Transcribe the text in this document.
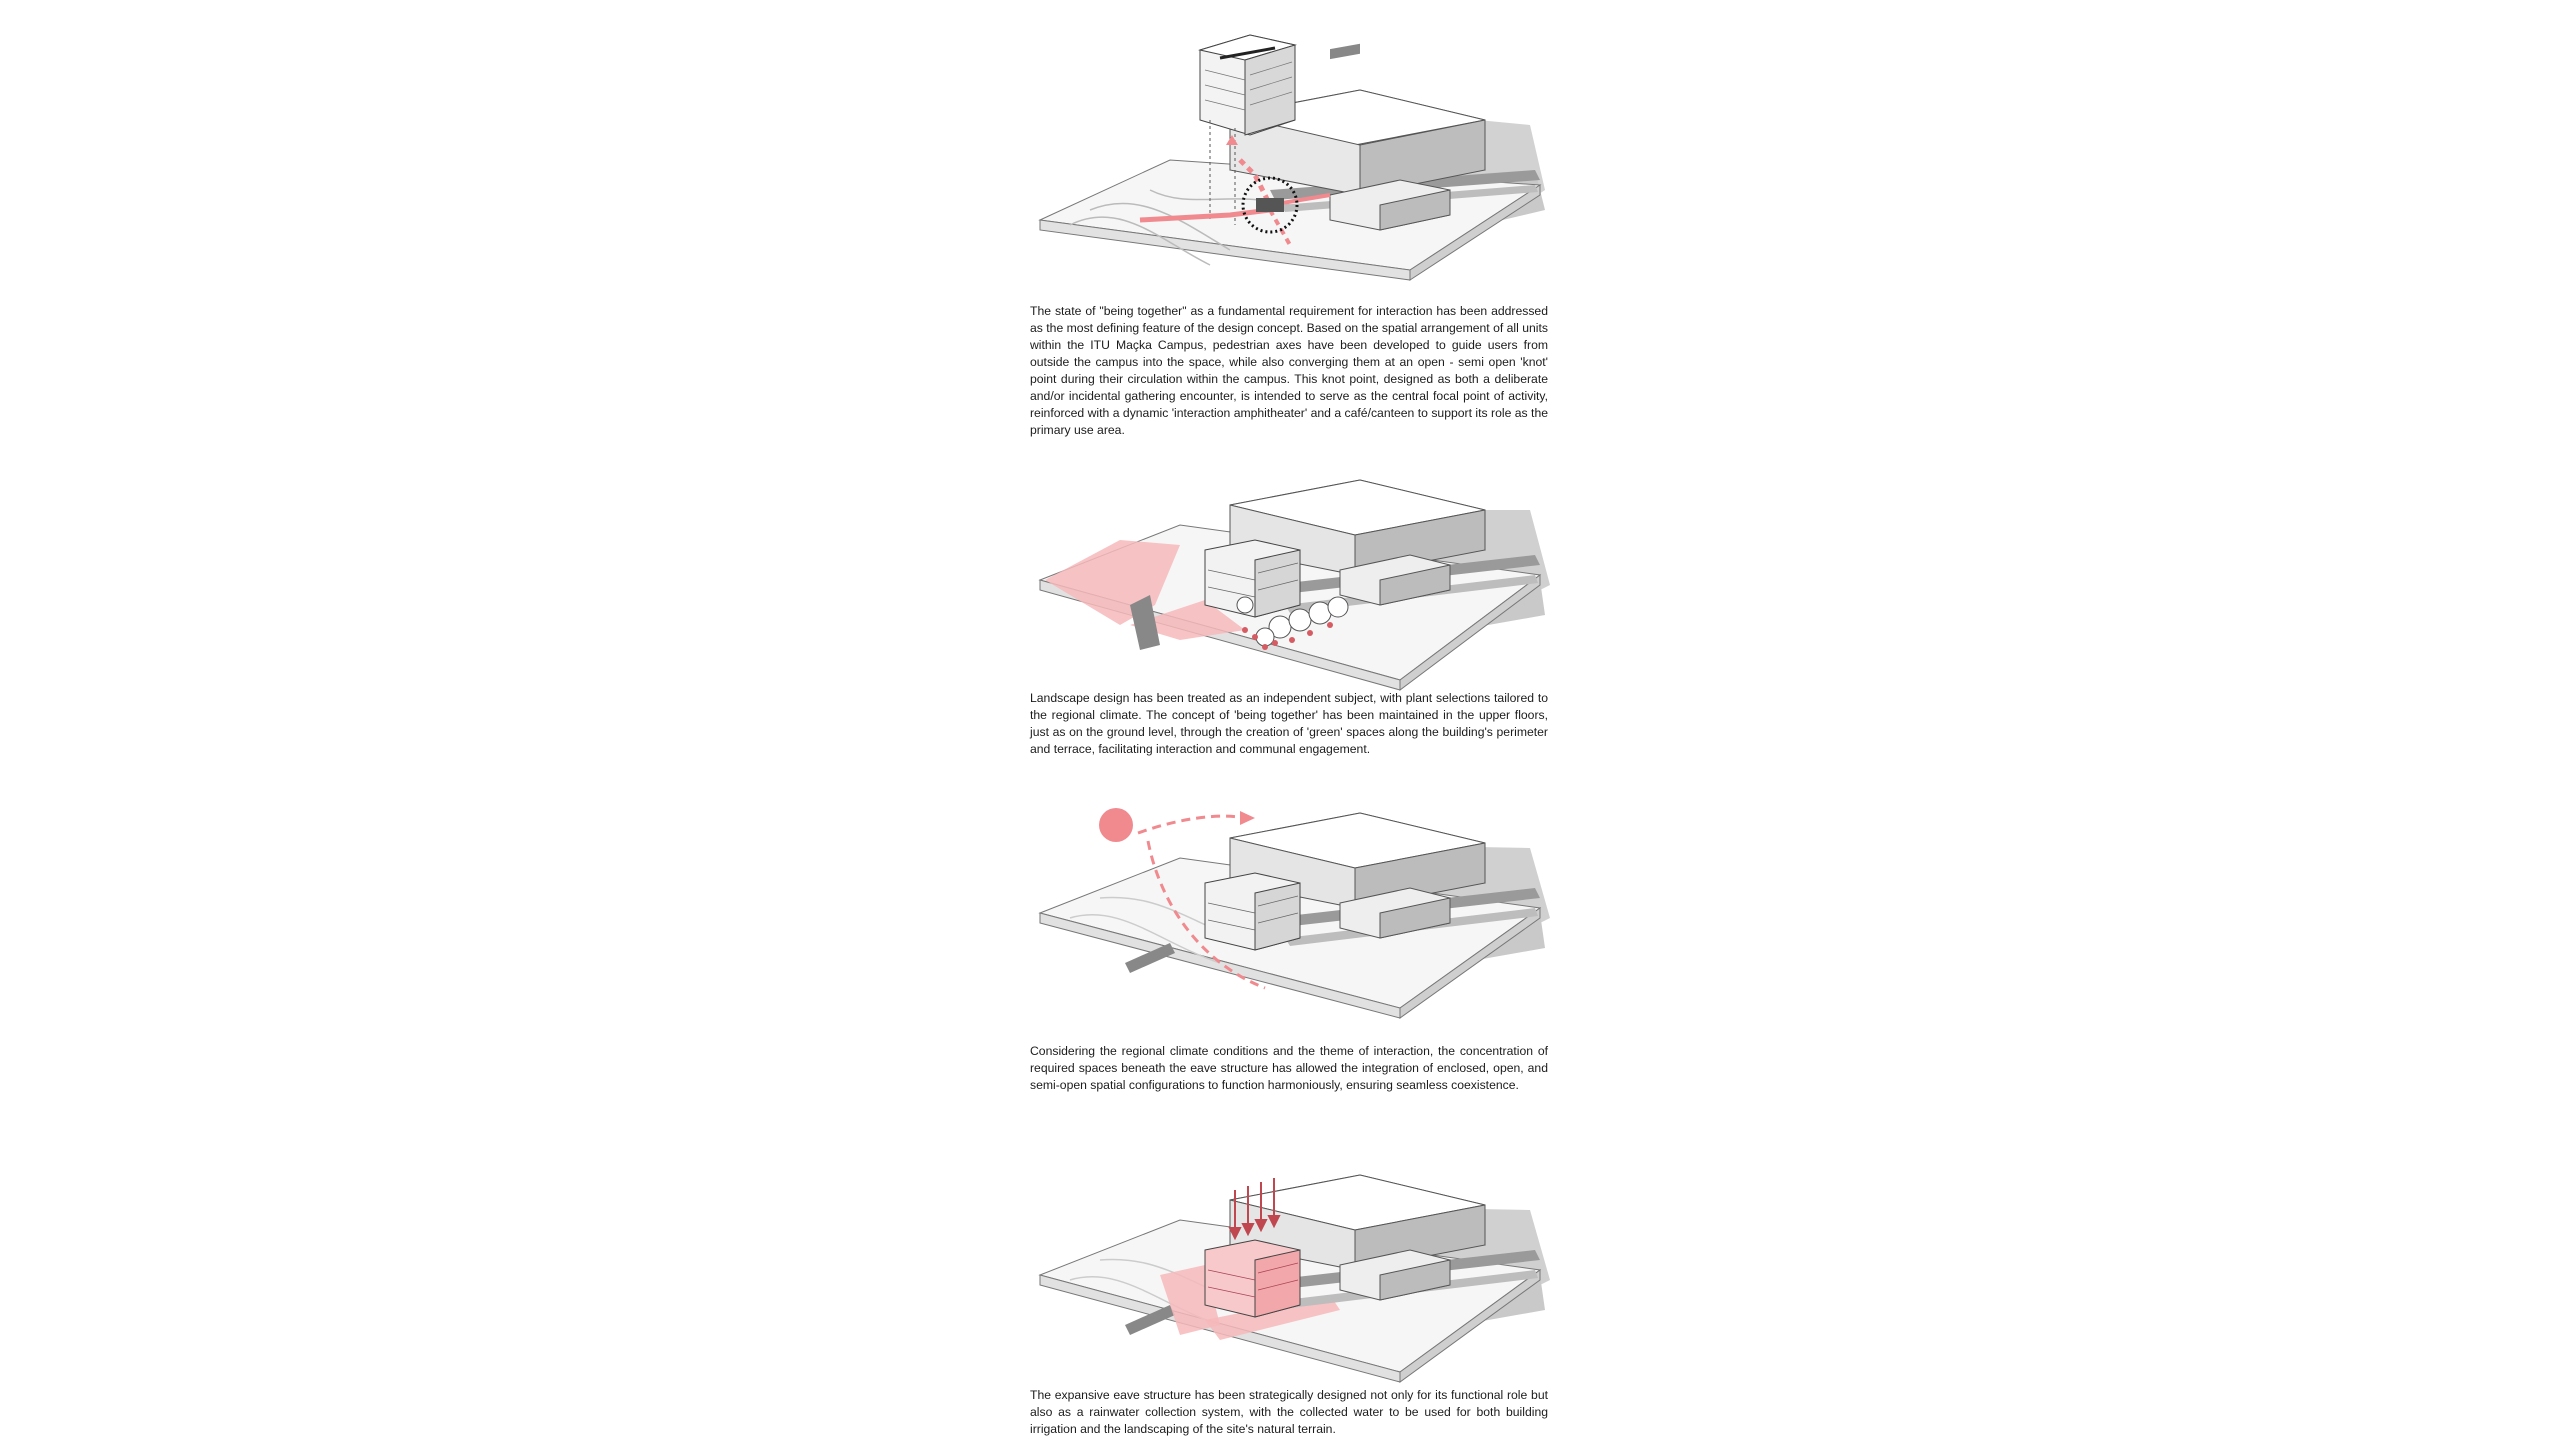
The state of "being together" as a fundamental requirement for interaction has been addressed as the most defining feature of the design concept. Based on the spatial arrangement of all units within the ITU Maçka Campus, pedestrian axes have been developed to guide users from outside the campus into the space, while also converging them at an open - semi open 'knot' point during their circulation within the campus. This knot point, designed as both a deliberate and/or incidental gathering encounter, is intended to serve as the central focal point of activity, reinforced with a dynamic 'interaction amphitheater' and a café/canteen to support its role as the primary use area.
Landscape design has been treated as an independent subject, with plant selections tailored to the regional climate. The concept of 'being together' has been maintained in the upper floors, just as on the ground level, through the creation of 'green' spaces along the building's perimeter and terrace, facilitating interaction and communal engagement.
Considering the regional climate conditions and the theme of interaction, the concentration of required spaces beneath the eave structure has allowed the integration of enclosed, open, and semi-open spatial configurations to function harmoniously, ensuring seamless coexistence.
The expansive eave structure has been strategically designed not only for its functional role but also as a rainwater collection system, with the collected water to be used for both building irrigation and the landscaping of the site's natural terrain.
